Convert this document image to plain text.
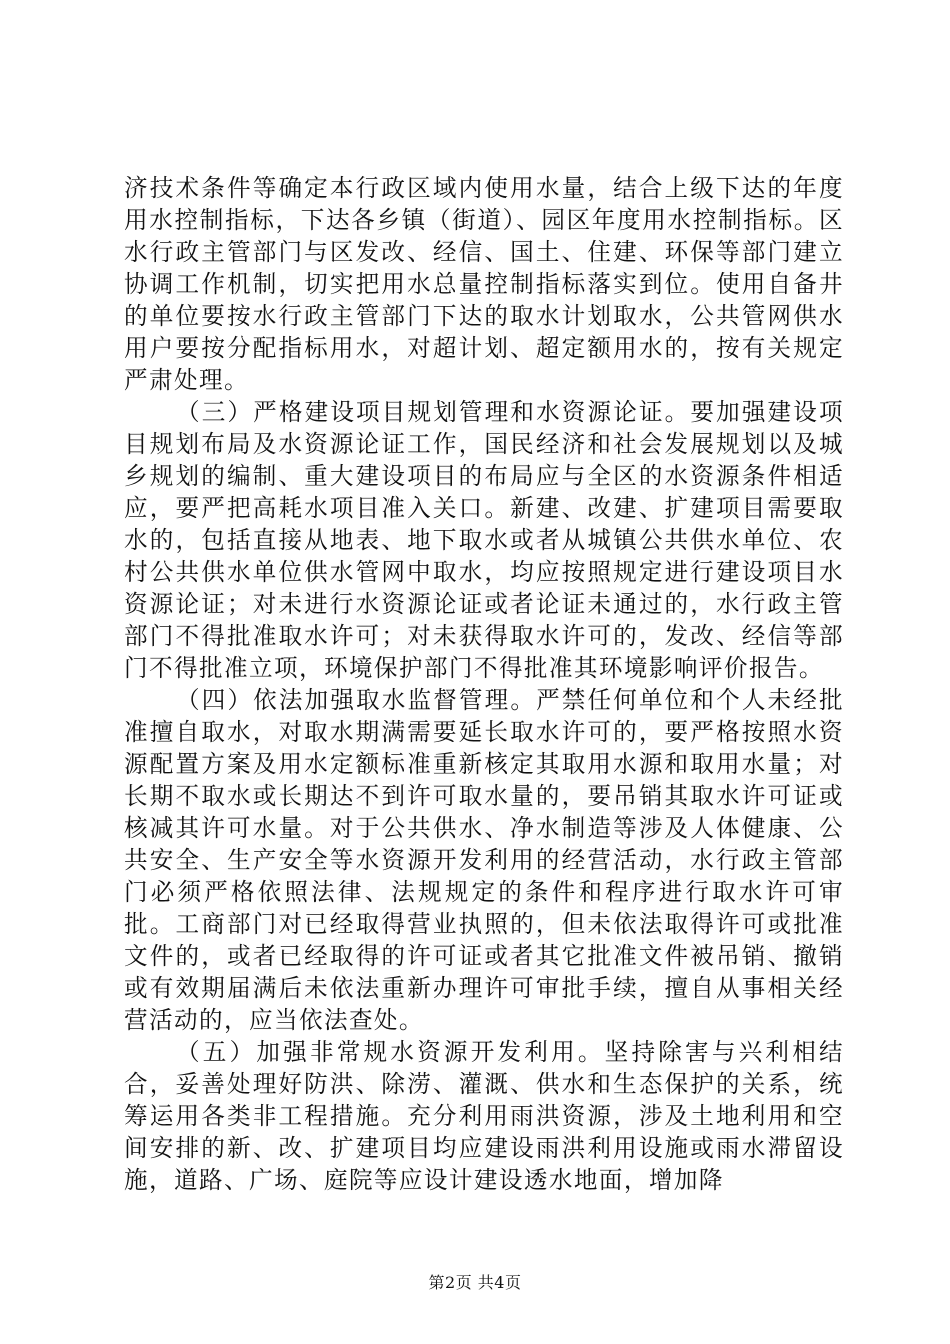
济技术条件等确定本行政区域内使用水量，结合上级下达的年度用水控制指标，下达各乡镇（街道）、园区年度用水控制指标。区水行政主管部门与区发改、经信、国土、住建、环保等部门建立协调工作机制，切实把用水总量控制指标落实到位。使用自备井的单位要按水行政主管部门下达的取水计划取水，公共管网供水用户要按分配指标用水，对超计划、超定额用水的，按有关规定严肃处理。

（三）严格建设项目规划管理和水资源论证。要加强建设项目规划布局及水资源论证工作，国民经济和社会发展规划以及城乡规划的编制、重大建设项目的布局应与全区的水资源条件相适应，要严把高耗水项目准入关口。新建、改建、扩建项目需要取水的，包括直接从地表、地下取水或者从城镇公共供水单位、农村公共供水单位供水管网中取水，均应按照规定进行建设项目水资源论证；对未进行水资源论证或者论证未通过的，水行政主管部门不得批准取水许可；对未获得取水许可的，发改、经信等部门不得批准立项，环境保护部门不得批准其环境影响评价报告。

（四）依法加强取水监督管理。严禁任何单位和个人未经批准擅自取水，对取水期满需要延长取水许可的，要严格按照水资源配置方案及用水定额标准重新核定其取用水源和取用水量；对长期不取水或长期达不到许可取水量的，要吊销其取水许可证或核减其许可水量。对于公共供水、净水制造等涉及人体健康、公共安全、生产安全等水资源开发利用的经营活动，水行政主管部门必须严格依照法律、法规规定的条件和程序进行取水许可审批。工商部门对已经取得营业执照的，但未依法取得许可或批准文件的，或者已经取得的许可证或者其它批准文件被吊销、撤销或有效期届满后未依法重新办理许可审批手续，擅自从事相关经营活动的，应当依法查处。

（五）加强非常规水资源开发利用。坚持除害与兴利相结合，妥善处理好防洪、除涝、灌溉、供水和生态保护的关系，统筹运用各类非工程措施。充分利用雨洪资源，涉及土地利用和空间安排的新、改、扩建项目均应建设雨洪利用设施或雨水滞留设施，道路、广场、庭院等应设计建设透水地面，增加降

第2页 共4页
